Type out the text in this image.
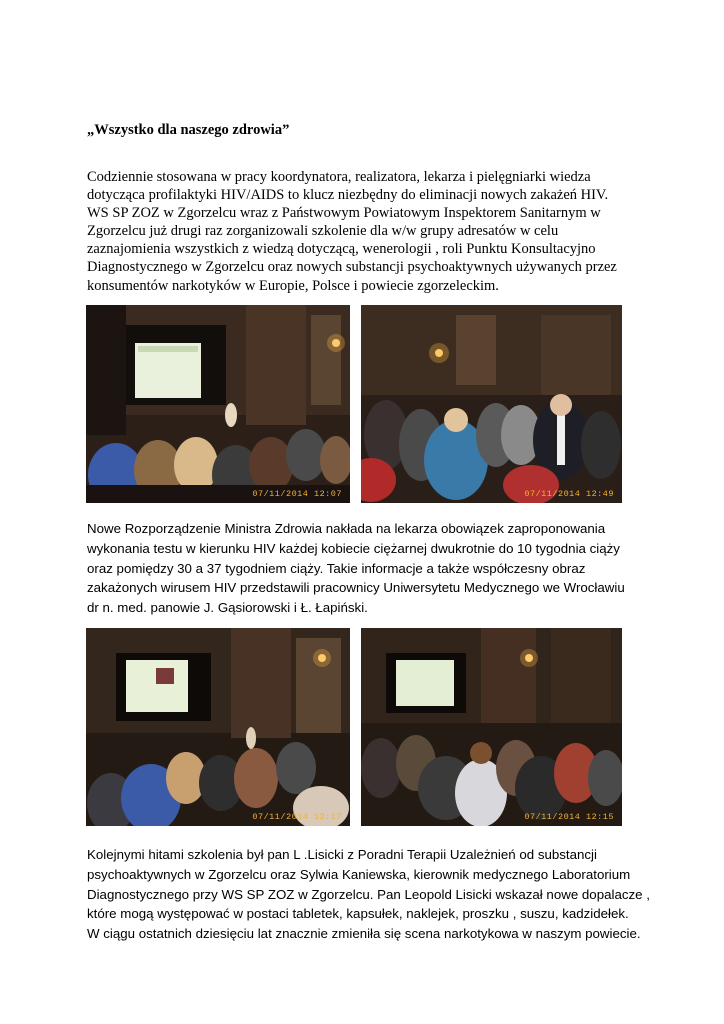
„Wszystko dla naszego zdrowia”
Codziennie stosowana w pracy koordynatora, realizatora, lekarza i pielęgniarki wiedza
dotycząca profilaktyki HIV/AIDS to klucz niezbędny do eliminacji nowych zakażeń HIV.
WS SP ZOZ w Zgorzelcu wraz z Państwowym Powiatowym Inspektorem Sanitarnym w
Zgorzelcu już drugi raz zorganizowali szkolenie dla w/w grupy adresatów w celu
zaznajomienia wszystkich z wiedzą dotyczącą, wenerologii , roli Punktu Konsultacyjno
Diagnostycznego w Zgorzelcu oraz nowych substancji psychoaktywnych używanych przez
konsumentów narkotyków w Europie, Polsce i powiecie zgorzeleckim.
07/11/2014 12:07	07/11/2014 12:49
Nowe Rozporządzenie Ministra Zdrowia nakłada na lekarza obowiązek zaproponowania
wykonania testu w kierunku HIV każdej kobiecie ciężarnej dwukrotnie do 10 tygodnia ciąży
oraz pomiędzy 30 a 37 tygodniem ciąży. Takie informacje a także współczesny obraz
zakażonych wirusem HIV przedstawili pracownicy Uniwersytetu Medycznego we Wrocławiu
dr n. med. panowie J. Gąsiorowski i Ł. Łapiński.
07/11/2014 12:17	07/11/2014 12:15
Kolejnymi hitami szkolenia był pan L .Lisicki z Poradni Terapii Uzależnień od substancji
psychoaktywnych w Zgorzelcu oraz Sylwia Kaniewska, kierownik medycznego Laboratorium
Diagnostycznego przy WS SP ZOZ w Zgorzelcu. Pan Leopold Lisicki wskazał nowe dopalacze ,
które mogą występować w postaci tabletek, kapsułek, naklejek, proszku , suszu, kadzidełek.
W ciągu ostatnich dziesięciu lat znacznie zmieniła się scena narkotykowa w naszym powiecie.
